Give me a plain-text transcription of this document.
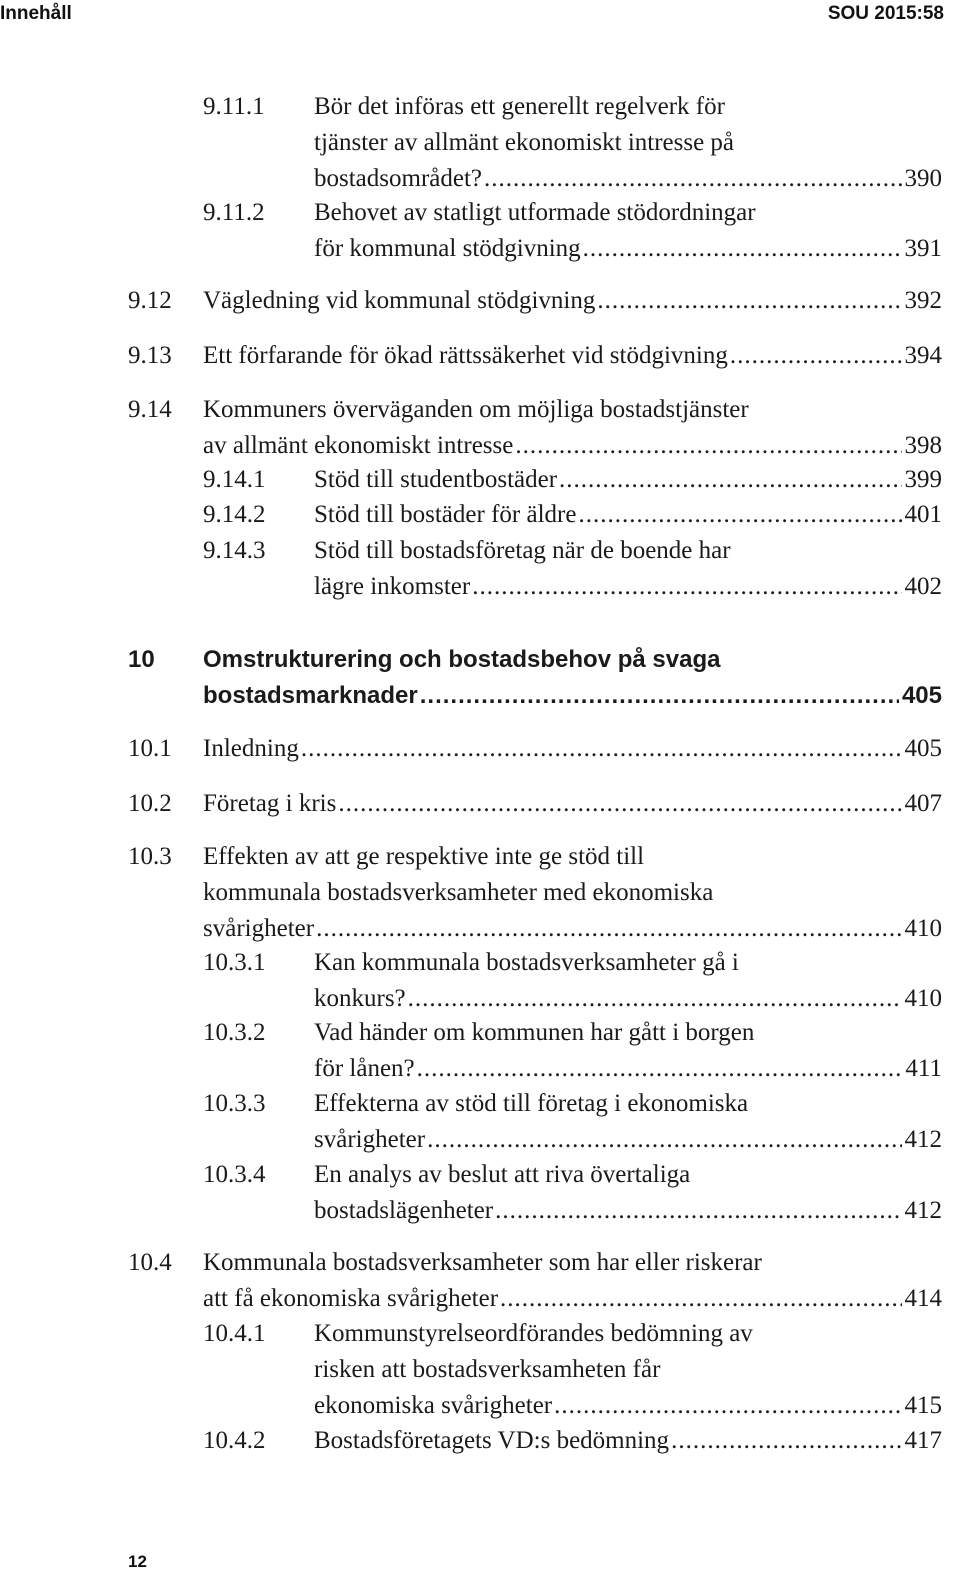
Innehåll	SOU 2015:58
9.11.1 Bör det införas ett generellt regelverk för
tjänster av allmänt ekonomiskt intresse på
bostadsområdet? .....	390
9.11.2 Behovet av statligt utformade stödordningar
för kommunal stödgivning .....	391
9.12 Vägledning vid kommunal stödgivning .....	392
9.13 Ett förfarande för ökad rättssäkerhet vid stödgivning .....	394
9.14 Kommuners överväganden om möjliga bostadstjänster
av allmänt ekonomiskt intresse .....	398
9.14.1 Stöd till studentbostäder .....	399
9.14.2 Stöd till bostäder för äldre .....	401
9.14.3 Stöd till bostadsföretag när de boende har
lägre inkomster .....	402
10 Omstrukturering och bostadsbehov på svaga
bostadsmarknader .....	405
10.1 Inledning .....	405
10.2 Företag i kris .....	407
10.3 Effekten av att ge respektive inte ge stöd till
kommunala bostadsverksamheter med ekonomiska
svårigheter .....	410
10.3.1 Kan kommunala bostadsverksamheter gå i
konkurs? .....	410
10.3.2 Vad händer om kommunen har gått i borgen
för lånen? .....	411
10.3.3 Effekterna av stöd till företag i ekonomiska
svårigheter .....	412
10.3.4 En analys av beslut att riva övertaliga
bostadslägenheter .....	412
10.4 Kommunala bostadsverksamheter som har eller riskerar
att få ekonomiska svårigheter .....	414
10.4.1 Kommunstyrelseordförandes bedömning av
risken att bostadsverksamheten får
ekonomiska svårigheter .....	415
10.4.2 Bostadsföretagets VD:s bedömning .....	417
12
